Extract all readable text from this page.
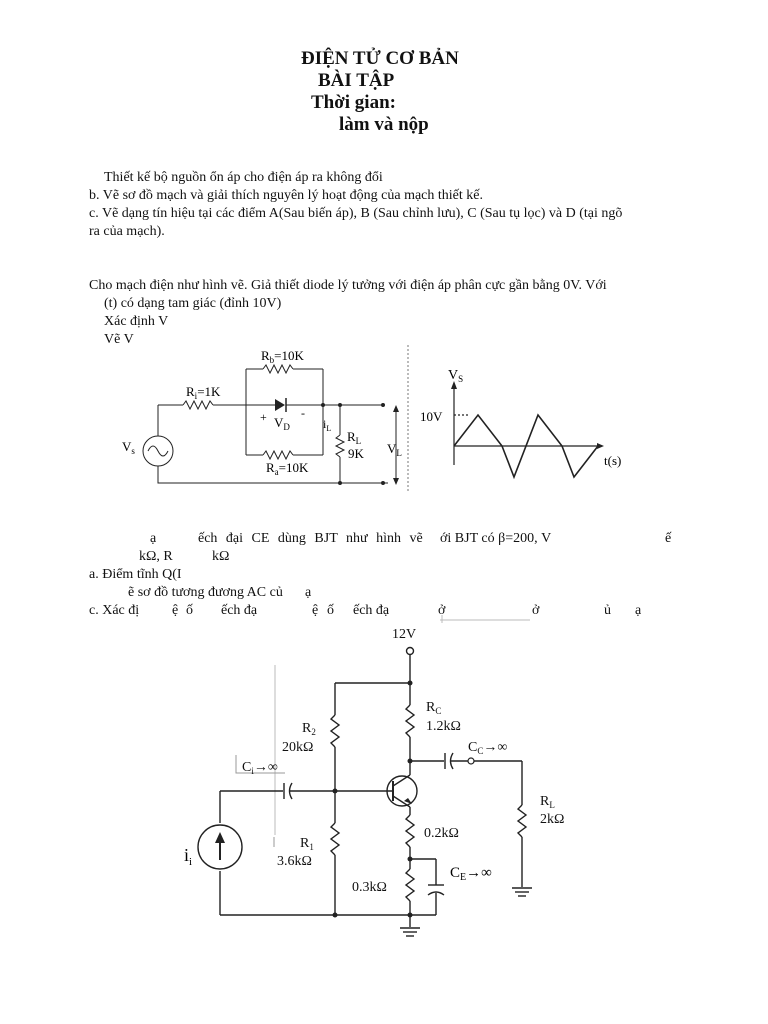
ĐIỆN TỬ CƠ BẢN
BÀI TẬP
Thời gian:
làm và nộp
Thiết kế bộ nguồn ổn áp cho điện áp ra không đổi
b. Vẽ sơ đồ mạch và giải thích nguyên lý hoạt động của mạch thiết kế.
c. Vẽ dạng tín hiệu tại các điểm A(Sau biến áp), B (Sau chỉnh lưu), C (Sau tụ lọc) và D (tại ngõ
ra của mạch).
Cho mạch điện như hình vẽ. Giả thiết diode lý tưởng với điện áp phân cực gần bằng 0V. Với
(t) có dạng tam giác (đỉnh 10V)
Xác định V
Vẽ V
$R_b=10K$
$R_i=1K$
$R_a=10K$
+	-
$V_D$	$i_L$
$R_L$
9K $V_L$
$V_s$
$V_S$
10V
t(s)
ạ	ếch đại CE dùng BJT như hình vẽ ới BJT có β=200, V	ế
kΩ, R	kΩ
a. Điểm tĩnh Q(I
ẽ sơ đồ tương đương AC củ ạ
c. Xác đị ệ ố ếch đạ	ệ ố ếch đạ	ở	ở	ủ ạ
12V
$R_2$
20kΩ
$R_C$
1.2kΩ
$C_C\to\infty$
$C_i\to\infty$
$R_L$
2kΩ
$R_1$
3.6kΩ
0.2kΩ
0.3kΩ
$C_E\to\infty$
$i_i$
